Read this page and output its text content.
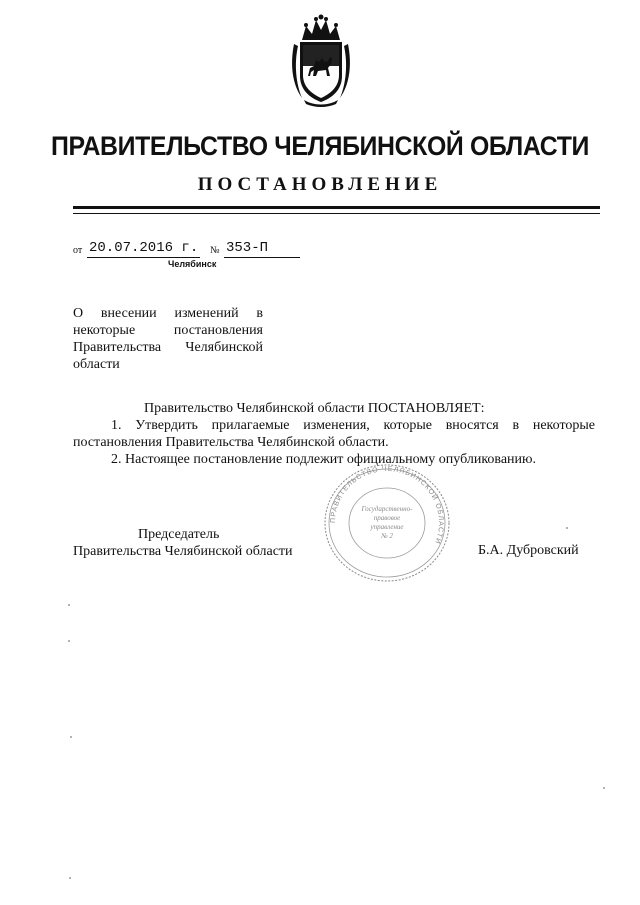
ПРАВИТЕЛЬСТВО ЧЕЛЯБИНСКОЙ ОБЛАСТИ
ПОСТАНОВЛЕНИЕ
от 20.07.2016 г. № 353-П
Челябинск
О внесении изменений в некоторые постановления Правительства Челябинской области

Правительство Челябинской области ПОСТАНОВЛЯЕТ:

1. Утвердить прилагаемые изменения, которые вносятся в некоторые постановления Правительства Челябинской области.

2. Настоящее постановление подлежит официальному опубликованию.

ПРАВИТЕЛЬСТВО ЧЕЛЯБИНСКОЙ ОБЛАСТИ
Государственно-
правовое
управление
№ 2
Председатель
Правительства Челябинской области	Б.А. Дубровский
